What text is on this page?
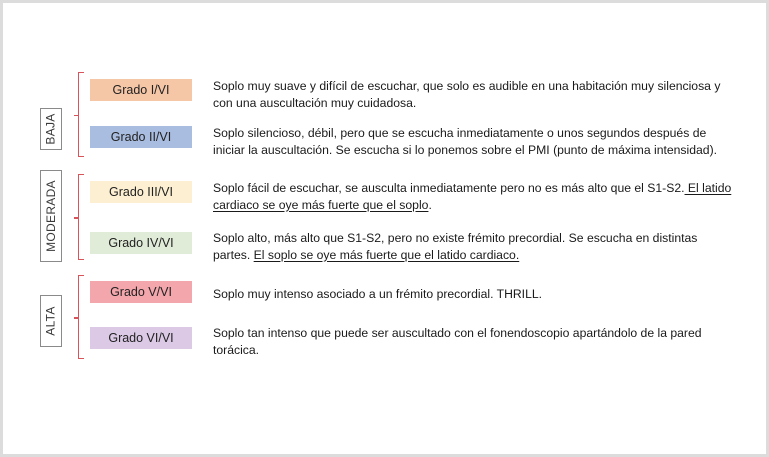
BAJA
MODERADA
ALTA
Grado I/VI
Grado II/VI
Grado III/VI
Grado IV/VI
Grado V/VI
Grado VI/VI
Soplo muy suave y difícil de escuchar, que solo es audible en una habitación muy silenciosa y con una auscultación muy cuidadosa.
Soplo silencioso, débil, pero que se escucha inmediatamente o unos segundos después de iniciar la auscultación. Se escucha si lo ponemos sobre el PMI (punto de máxima intensidad).
Soplo fácil de escuchar, se ausculta inmediatamente pero no es más alto que el S1-S2. El latido cardiaco se oye más fuerte que el soplo.
Soplo alto, más alto que S1-S2, pero no existe frémito precordial. Se escucha en distintas partes. El soplo se oye más fuerte que el latido cardiaco.
Soplo muy intenso asociado a un frémito precordial. THRILL.
Soplo tan intenso que puede ser auscultado con el fonendoscopio apartándolo de la pared torácica.
